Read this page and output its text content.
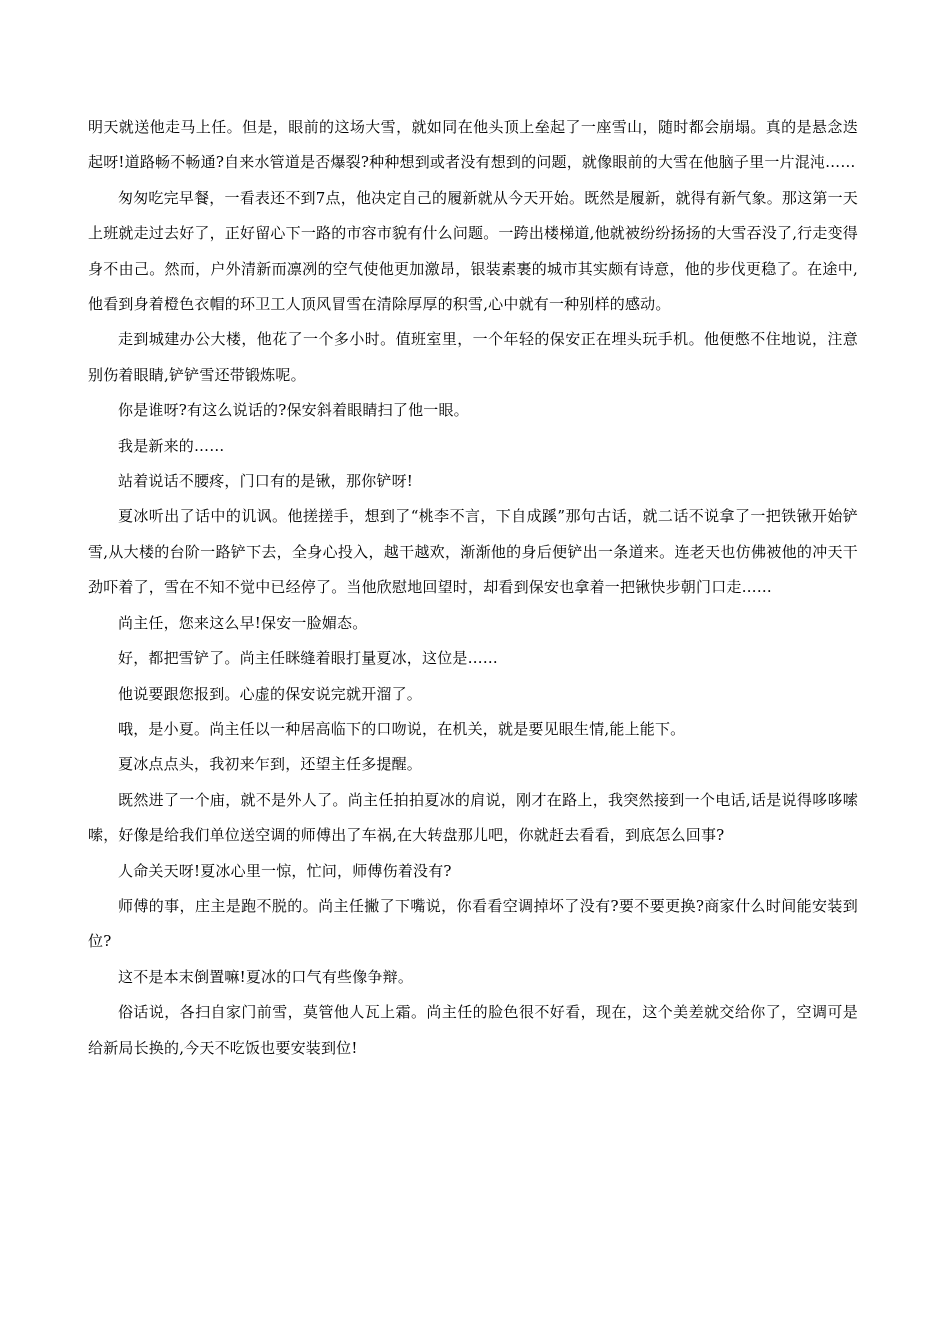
明天就送他走马上任。但是，眼前的这场大雪，就如同在他头顶上垒起了一座雪山，随时都会崩塌。真的是悬念迭起呀!道路畅不畅通?自来水管道是否爆裂?种种想到或者没有想到的问题，就像眼前的大雪在他脑子里一片混沌……

匆匆吃完早餐，一看表还不到7点，他决定自己的履新就从今天开始。既然是履新，就得有新气象。那这第一天上班就走过去好了，正好留心下一路的市容市貌有什么问题。一跨出楼梯道,他就被纷纷扬扬的大雪吞没了,行走变得身不由己。然而，户外清新而凛冽的空气使他更加激昂，银装素裹的城市其实颇有诗意，他的步伐更稳了。在途中,他看到身着橙色衣帽的环卫工人顶风冒雪在清除厚厚的积雪,心中就有一种别样的感动。

走到城建办公大楼，他花了一个多小时。值班室里，一个年轻的保安正在埋头玩手机。他便憋不住地说，注意别伤着眼睛,铲铲雪还带锻炼呢。

你是谁呀?有这么说话的?保安斜着眼睛扫了他一眼。

我是新来的……

站着说话不腰疼，门口有的是锹，那你铲呀!

夏冰听出了话中的讥讽。他搓搓手，想到了“桃李不言，下自成蹊”那句古话，就二话不说拿了一把铁锹开始铲雪,从大楼的台阶一路铲下去，全身心投入，越干越欢，渐渐他的身后便铲出一条道来。连老天也仿佛被他的冲天干劲吓着了，雪在不知不觉中已经停了。当他欣慰地回望时，却看到保安也拿着一把锹快步朝门口走……

尚主任，您来这么早!保安一脸媚态。

好，都把雪铲了。尚主任眯缝着眼打量夏冰，这位是……

他说要跟您报到。心虚的保安说完就开溜了。

哦，是小夏。尚主任以一种居高临下的口吻说，在机关，就是要见眼生情,能上能下。

夏冰点点头，我初来乍到，还望主任多提醒。

既然进了一个庙，就不是外人了。尚主任拍拍夏冰的肩说，刚才在路上，我突然接到一个电话,话是说得哆哆嗦嗦，好像是给我们单位送空调的师傅出了车祸,在大转盘那儿吧，你就赶去看看，到底怎么回事?

人命关天呀!夏冰心里一惊，忙问，师傅伤着没有?

师傅的事，庄主是跑不脱的。尚主任撇了下嘴说，你看看空调掉坏了没有?要不要更换?商家什么时间能安装到位?

这不是本末倒置嘛!夏冰的口气有些像争辩。

俗话说，各扫自家门前雪，莫管他人瓦上霜。尚主任的脸色很不好看，现在，这个美差就交给你了，空调可是给新局长换的,今天不吃饭也要安装到位!
